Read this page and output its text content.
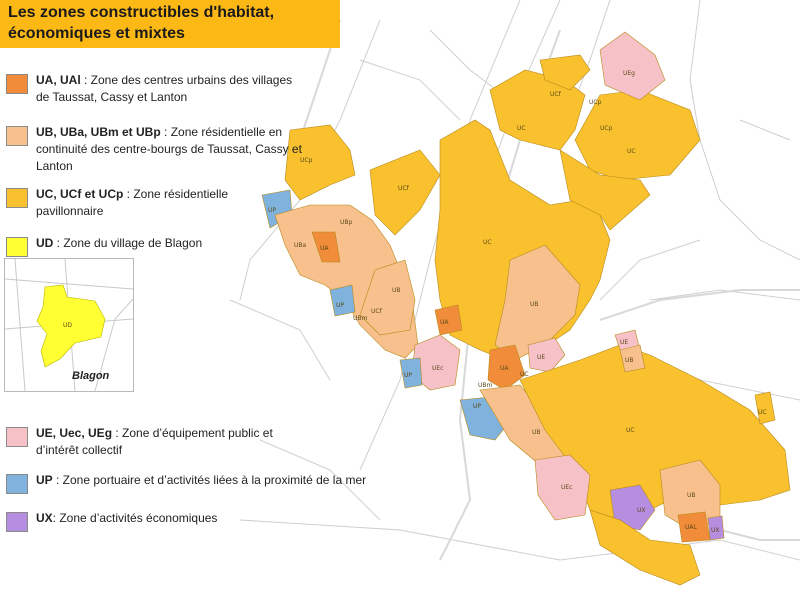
UEg
UCf
UCp
UC
UC
UCp
UCp
UCf
UP
UBa
UBp
UA
UC
UP
UB
UBm
UCf
UA
UB
UP
UEc
UBm
UA
UE
UC
UE
UB
UP
UB	UC
UC
UEc
UX
UB
UAL UX
Les zones constructibles d'habitat,
économiques et mixtes
UA, UAl : Zone des centres urbains des villages de Taussat, Cassy et Lanton
UB, UBa, UBm et UBp : Zone résidentielle en continuité des centre-bourgs de Taussat, Cassy et Lanton
UC, UCf et UCp : Zone résidentielle pavillonnaire
UD : Zone du village de Blagon
UD
Blagon
UE, Uec, UEg : Zone d’équipement public et d’intérêt collectif
UP : Zone portuaire et d’activités liées à la proximité de la mer
UX: Zone d’activités économiques
